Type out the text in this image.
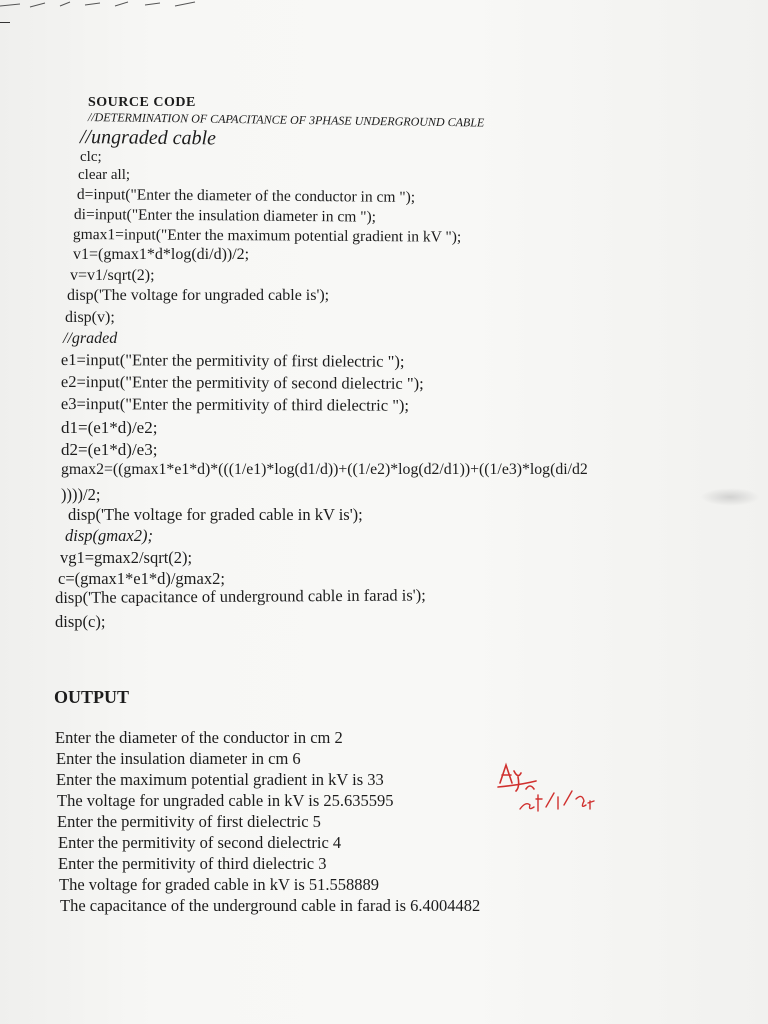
SOURCE CODE
//DETERMINATION OF CAPACITANCE OF 3PHASE UNDERGROUND CABLE
//ungraded cable
clc;
clear all;
d=input("Enter the diameter of the conductor in cm ");
di=input("Enter the insulation diameter in cm ");
gmax1=input("Enter the maximum potential gradient in kV ");
v1=(gmax1*d*log(di/d))/2;
v=v1/sqrt(2);
disp('The voltage for ungraded cable is');
disp(v);
//graded
e1=input("Enter the permitivity of first dielectric ");
e2=input("Enter the permitivity of second dielectric ");
e3=input("Enter the permitivity of third dielectric ");
d1=(e1*d)/e2;
d2=(e1*d)/e3;
gmax2=((gmax1*e1*d)*(((1/e1)*log(d1/d))+((1/e2)*log(d2/d1))+((1/e3)*log(di/d2
))))/2;
disp('The voltage for graded cable in kV is');
disp(gmax2);
vg1=gmax2/sqrt(2);
c=(gmax1*e1*d)/gmax2;
disp('The capacitance of underground cable in farad is');
disp(c);
OUTPUT
Enter the diameter of the conductor in cm 2
Enter the insulation diameter in cm 6
Enter the maximum potential gradient in kV is 33
The voltage for ungraded cable in kV is 25.635595
Enter the permitivity of first dielectric 5
Enter the permitivity of second dielectric 4
Enter the permitivity of third dielectric 3
The voltage for graded cable in kV is 51.558889
The capacitance of the underground cable in farad is 6.4004482
